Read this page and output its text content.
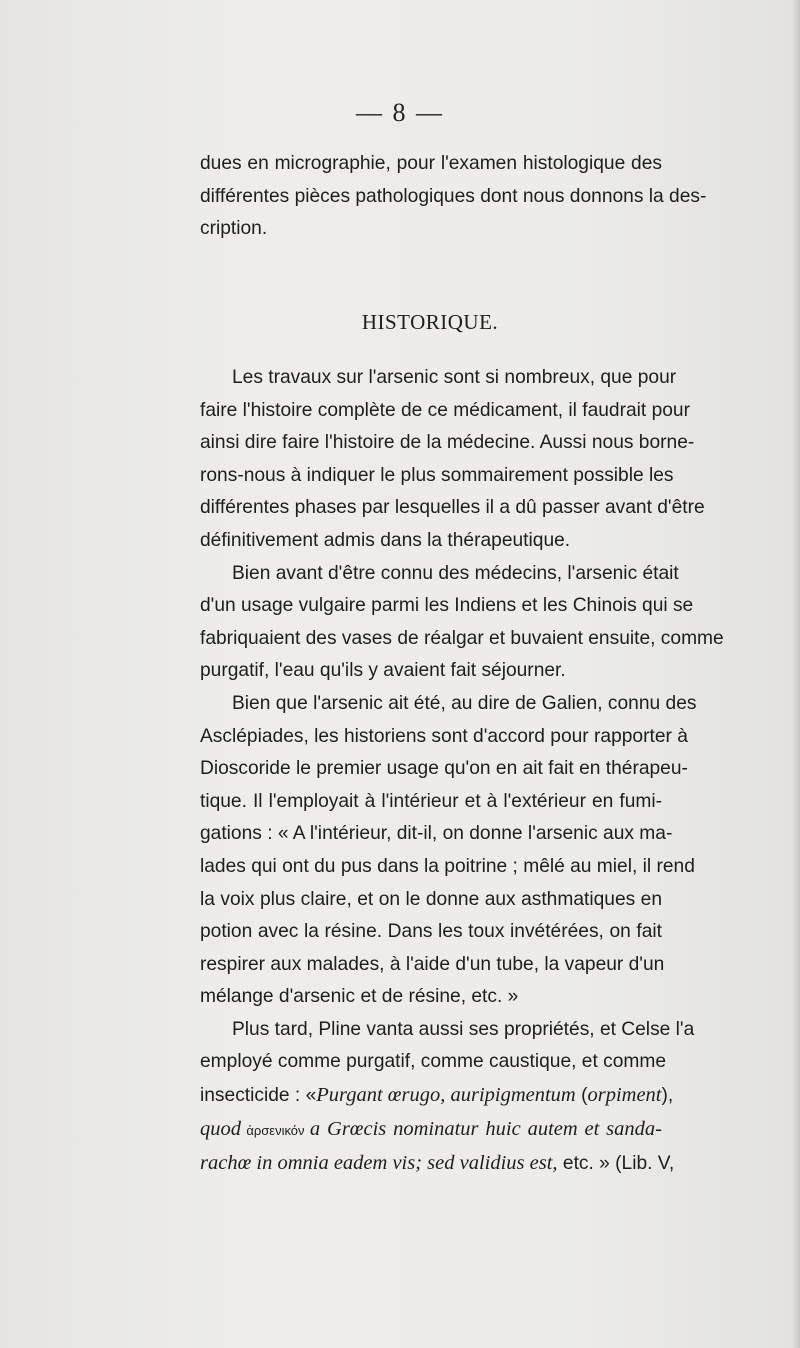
— 8 —
dues en micrographie, pour l'examen histologique des
différentes pièces pathologiques dont nous donnons la des-
cription.
HISTORIQUE.
Les travaux sur l'arsenic sont si nombreux, que pour
faire l'histoire complète de ce médicament, il faudrait pour
ainsi dire faire l'histoire de la médecine. Aussi nous borne-
rons-nous à indiquer le plus sommairement possible les
différentes phases par lesquelles il a dû passer avant d'être
définitivement admis dans la thérapeutique.
Bien avant d'être connu des médecins, l'arsenic était
d'un usage vulgaire parmi les Indiens et les Chinois qui se
fabriquaient des vases de réalgar et buvaient ensuite, comme
purgatif, l'eau qu'ils y avaient fait séjourner.
Bien que l'arsenic ait été, au dire de Galien, connu des
Asclépiades, les historiens sont d'accord pour rapporter à
Dioscoride le premier usage qu'on en ait fait en thérapeu-
tique. Il l'employait à l'intérieur et à l'extérieur en fumi-
gations : « A l'intérieur, dit-il, on donne l'arsenic aux ma-
lades qui ont du pus dans la poitrine ; mêlé au miel, il rend
la voix plus claire, et on le donne aux asthmatiques en
potion avec la résine. Dans les toux invétérées, on fait
respirer aux malades, à l'aide d'un tube, la vapeur d'un
mélange d'arsenic et de résine, etc. »
Plus tard, Pline vanta aussi ses propriétés, et Celse l'a
employé comme purgatif, comme caustique, et comme
insecticide : «Purgant œrugo, auripigmentum (orpiment),
quod ἀρσενικόν a Grœcis nominatur huic autem et sanda-
rachœ in omnia eadem vis; sed validius est, etc. » (Lib. V,
